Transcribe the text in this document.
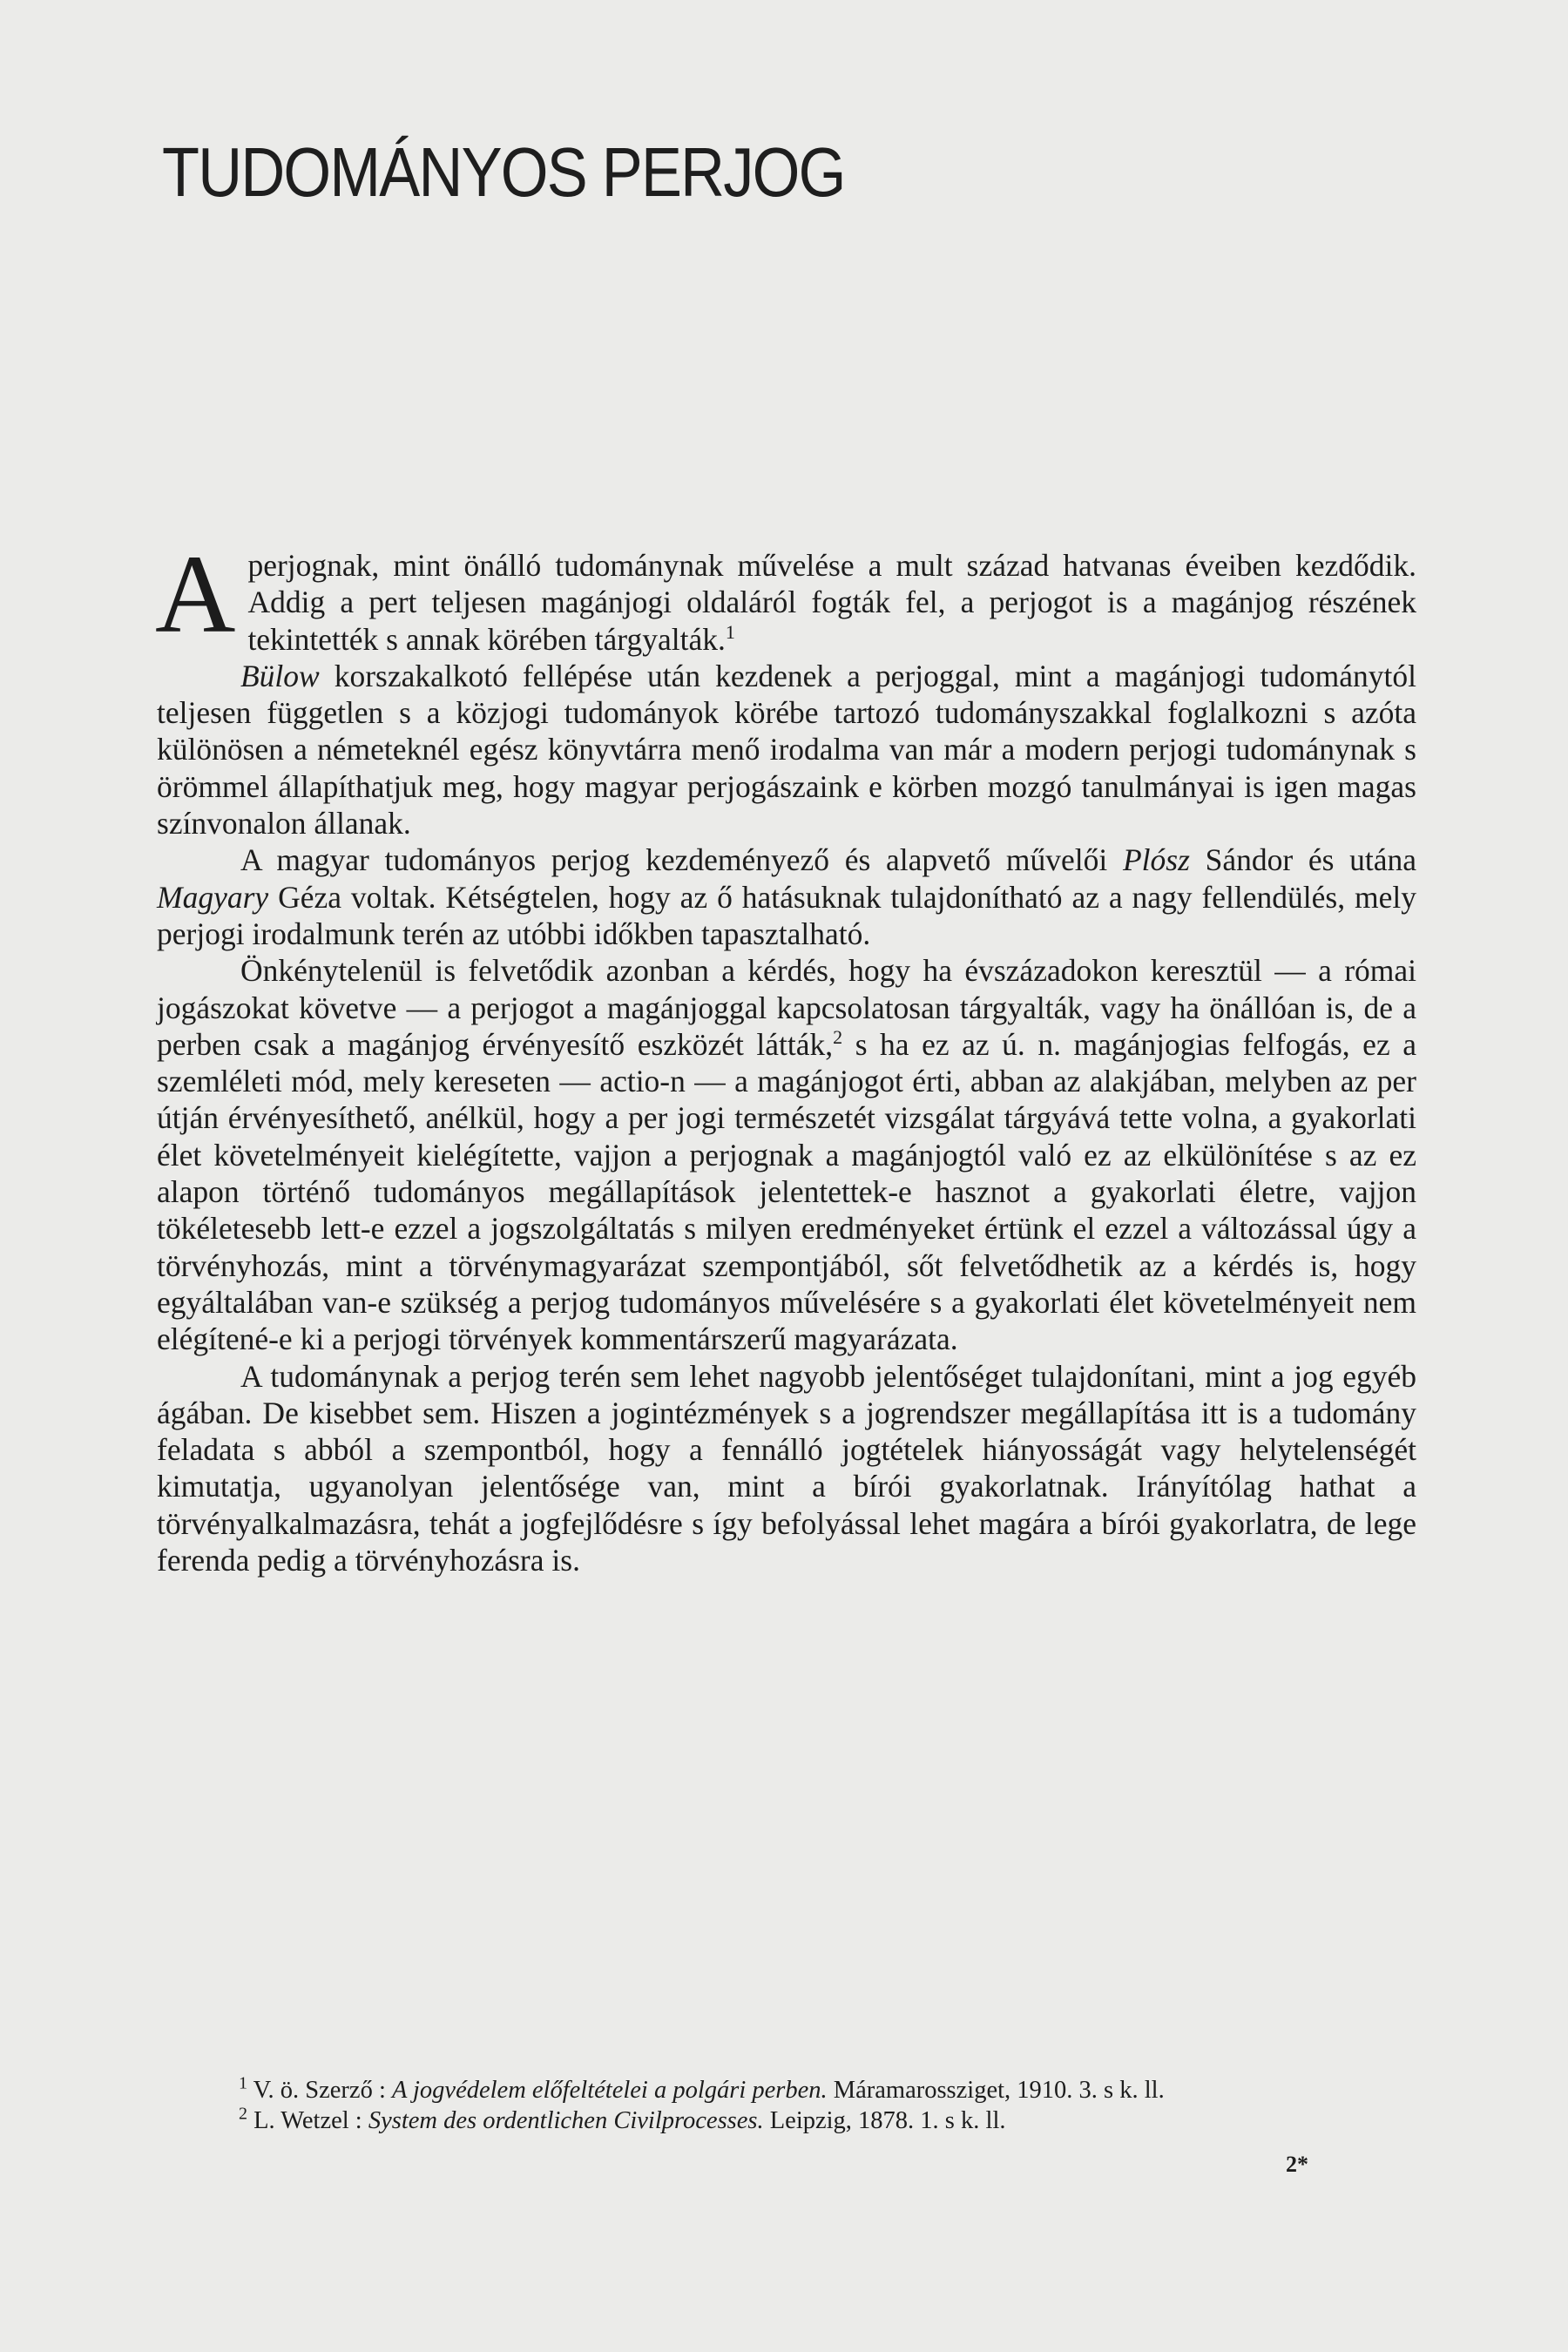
TUDOMÁNYOS PERJOG

Aperjognak, mint önálló tudománynak művelése a mult század hatvanas éveiben kezdődik. Addig a pert teljesen magánjogi oldaláról fogták fel, a perjogot is a magánjog részének tekintették s annak körében tárgyalták.$^1$

Bülow korszakalkotó fellépése után kezdenek a perjoggal, mint a magánjogi tudománytól teljesen független s a közjogi tudományok körébe tartozó tudományszakkal foglalkozni s azóta különösen a németeknél egész könyvtárra menő irodalma van már a modern perjogi tudománynak s örömmel állapíthatjuk meg, hogy magyar perjogászaink e körben mozgó tanulmányai is igen magas színvonalon állanak.

A magyar tudományos perjog kezdeményező és alapvető művelői Plósz Sándor és utána Magyary Géza voltak. Kétségtelen, hogy az ő hatásuknak tulajdonítható az a nagy fellendülés, mely perjogi irodalmunk terén az utóbbi időkben tapasztalható.

Önkénytelenül is felvetődik azonban a kérdés, hogy ha évszázadokon keresztül — a római jogászokat követve — a perjogot a magánjoggal kapcsolatosan tárgyalták, vagy ha önállóan is, de a perben csak a magánjog érvényesítő eszközét látták,$^2$ s ha ez az ú. n. magánjogias felfogás, ez a szemléleti mód, mely kereseten — actio-n — a magánjogot érti, abban az alakjában, melyben az per útján érvényesíthető, anélkül, hogy a per jogi természetét vizsgálat tárgyává tette volna, a gyakorlati élet követelményeit kielégítette, vajjon a perjognak a magánjogtól való ez az elkülönítése s az ez alapon történő tudományos megállapítások jelentettek-e hasznot a gyakorlati életre, vajjon tökéletesebb lett-e ezzel a jogszolgáltatás s milyen eredményeket értünk el ezzel a változással úgy a törvényhozás, mint a törvénymagyarázat szempontjából, sőt felvetődhetik az a kérdés is, hogy egyáltalában van-e szükség a perjog tudományos művelésére s a gyakorlati élet követelményeit nem elégítené-e ki a perjogi törvények kommentárszerű magyarázata.

A tudománynak a perjog terén sem lehet nagyobb jelentőséget tulajdonítani, mint a jog egyéb ágában. De kisebbet sem. Hiszen a jogintézmények s a jogrendszer megállapítása itt is a tudomány feladata s abból a szempontból, hogy a fennálló jogtételek hiányosságát vagy helytelenségét kimutatja, ugyanolyan jelentősége van, mint a bírói gyakorlatnak. Irányítólag hathat a törvényalkalmazásra, tehát a jogfejlődésre s így befolyással lehet magára a bírói gyakorlatra, de lege ferenda pedig a törvényhozásra is.

$^1$ V. ö. Szerző : A jogvédelem előfeltételei a polgári perben. Máramarossziget, 1910. 3. s k. ll.

$^2$ L. Wetzel : System des ordentlichen Civilprocesses. Leipzig, 1878. 1. s k. ll.

2*
